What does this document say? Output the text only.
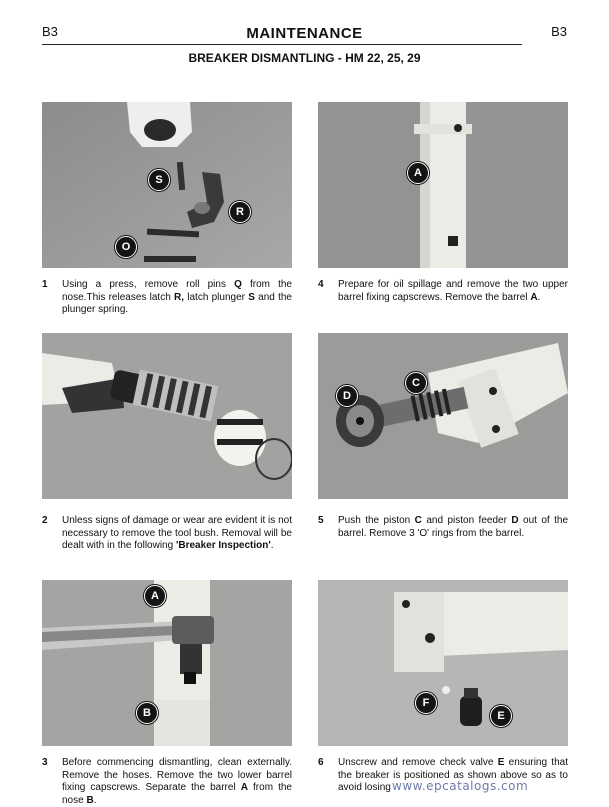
B3	MAINTENANCE	B3
BREAKER DISMANTLING - HM 22, 25, 29
S
R
O
A
1 Using a press, remove roll pins Q from the nose.This releases latch R, latch plunger S and the plunger spring.
4 Prepare for oil spillage and remove the two upper barrel fixing capscrews. Remove the barrel A.
D
C
2 Unless signs of damage or wear are evident it is not necessary to remove the tool bush. Removal will be dealt with in the following 'Breaker Inspection'.
5 Push the piston C and piston feeder D out of the barrel. Remove 3 'O' rings from the barrel.
A
B
F
E
3 Before commencing dismantling, clean externally. Remove the hoses. Remove the two lower barrel fixing capscrews. Separate the barrel A from the nose B.
6 Unscrew and remove check valve E ensuring that the breaker is positioned as shown above so as to avoid losing www.epcatalogs.com
